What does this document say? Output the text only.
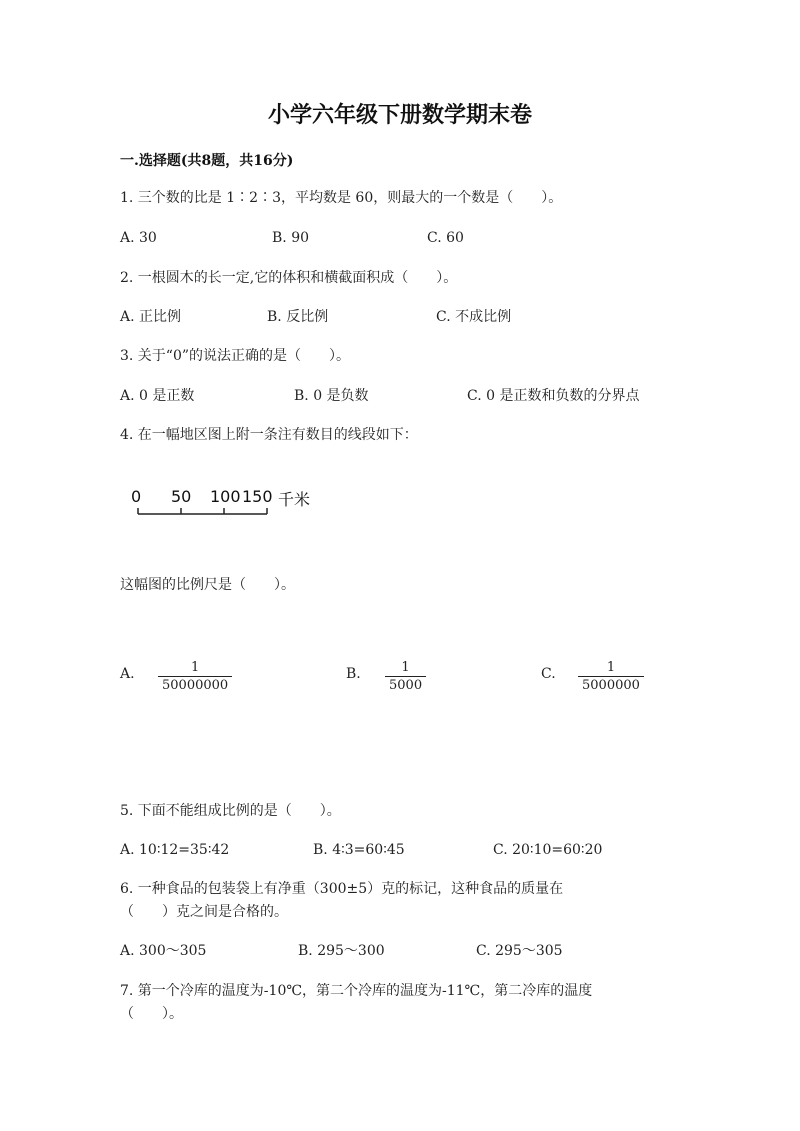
小学六年级下册数学期末卷
一.选择题(共8题，共16分)
1. 三个数的比是 1∶2∶3，平均数是 60，则最大的一个数是（　　）。
A. 30	B. 90	C. 60
2. 一根圆木的长一定,它的体积和横截面积成（　　）。
A. 正比例	B. 反比例	C. 不成比例
3. 关于“0”的说法正确的是（　　）。
A. 0 是正数	B. 0 是负数	C. 0 是正数和负数的分界点
4. 在一幅地区图上附一条注有数目的线段如下：
0 50 100 150 千米
这幅图的比例尺是（　　）。
A. $\frac{1}{50000000}$	B. $\frac{1}{5000}$	C. $\frac{1}{5000000}$
5. 下面不能组成比例的是（　　）。
A. 10∶12=35∶42	B. 4∶3=60∶45	C. 20∶10=60∶20
6. 一种食品的包装袋上有净重（300±5）克的标记，这种食品的质量在
（　　）克之间是合格的。
A. 300～305	B. 295～300	C. 295～305
7. 第一个冷库的温度为-10℃，第二个冷库的温度为-11℃，第二冷库的温度
（　　）。
